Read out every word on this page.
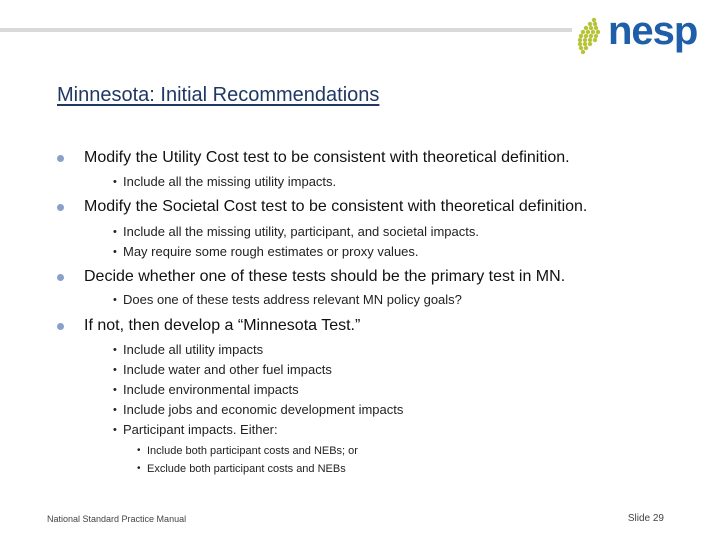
nesp
Minnesota: Initial Recommendations
Modify the Utility Cost test to be consistent with theoretical definition.
• Include all the missing utility impacts.
Modify the Societal Cost test to be consistent with theoretical definition.
• Include all the missing utility, participant, and societal impacts.
• May require some rough estimates or proxy values.
Decide whether one of these tests should be the primary test in MN.
• Does one of these tests address relevant MN policy goals?
If not, then develop a “Minnesota Test.”
• Include all utility impacts
• Include water and other fuel impacts
• Include environmental impacts
• Include jobs and economic development impacts
• Participant impacts. Either:
• Include both participant costs and NEBs; or
• Exclude both participant costs and NEBs
National Standard Practice Manual	Slide 29
